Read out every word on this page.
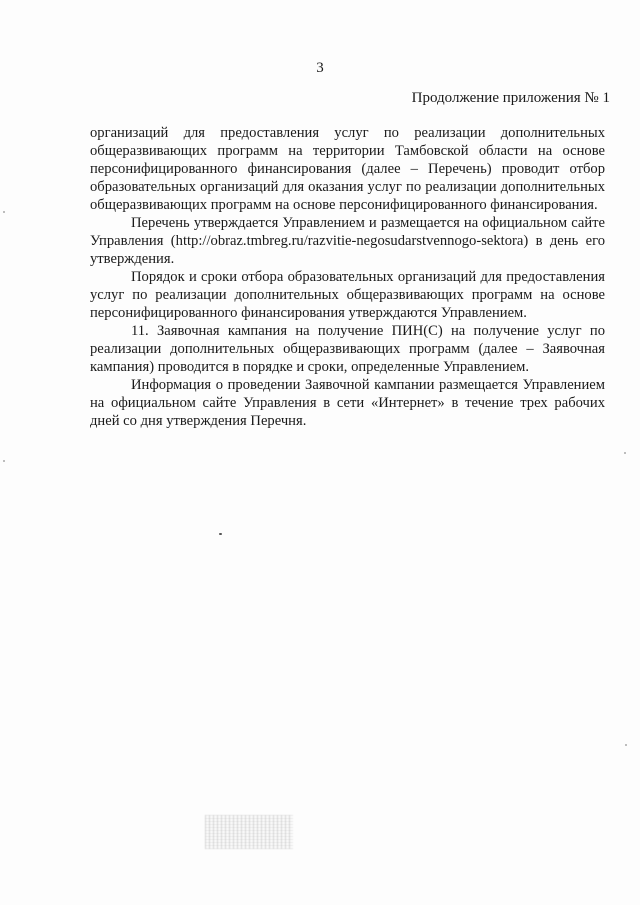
3
Продолжение приложения № 1

организаций для предоставления услуг по реализации дополнительных общеразвивающих программ на территории Тамбовской области на основе персонифицированного финансирования (далее – Перечень) проводит отбор образовательных организаций для оказания услуг по реализации дополнительных общеразвивающих программ на основе персонифицированного финансирования.

Перечень утверждается Управлением и размещается на официальном сайте Управления (http://obraz.tmbreg.ru/razvitie-negosudarstvennogo-sektora) в день его утверждения.

Порядок и сроки отбора образовательных организаций для предоставления услуг по реализации дополнительных общеразвивающих программ на основе персонифицированного финансирования утверждаются Управлением.

11. Заявочная кампания на получение ПИН(С) на получение услуг по реализации дополнительных общеразвивающих программ (далее – Заявочная кампания) проводится в порядке и сроки, определенные Управлением.

Информация о проведении Заявочной кампании размещается Управлением на официальном сайте Управления в сети «Интернет» в течение трех рабочих дней со дня утверждения Перечня.
